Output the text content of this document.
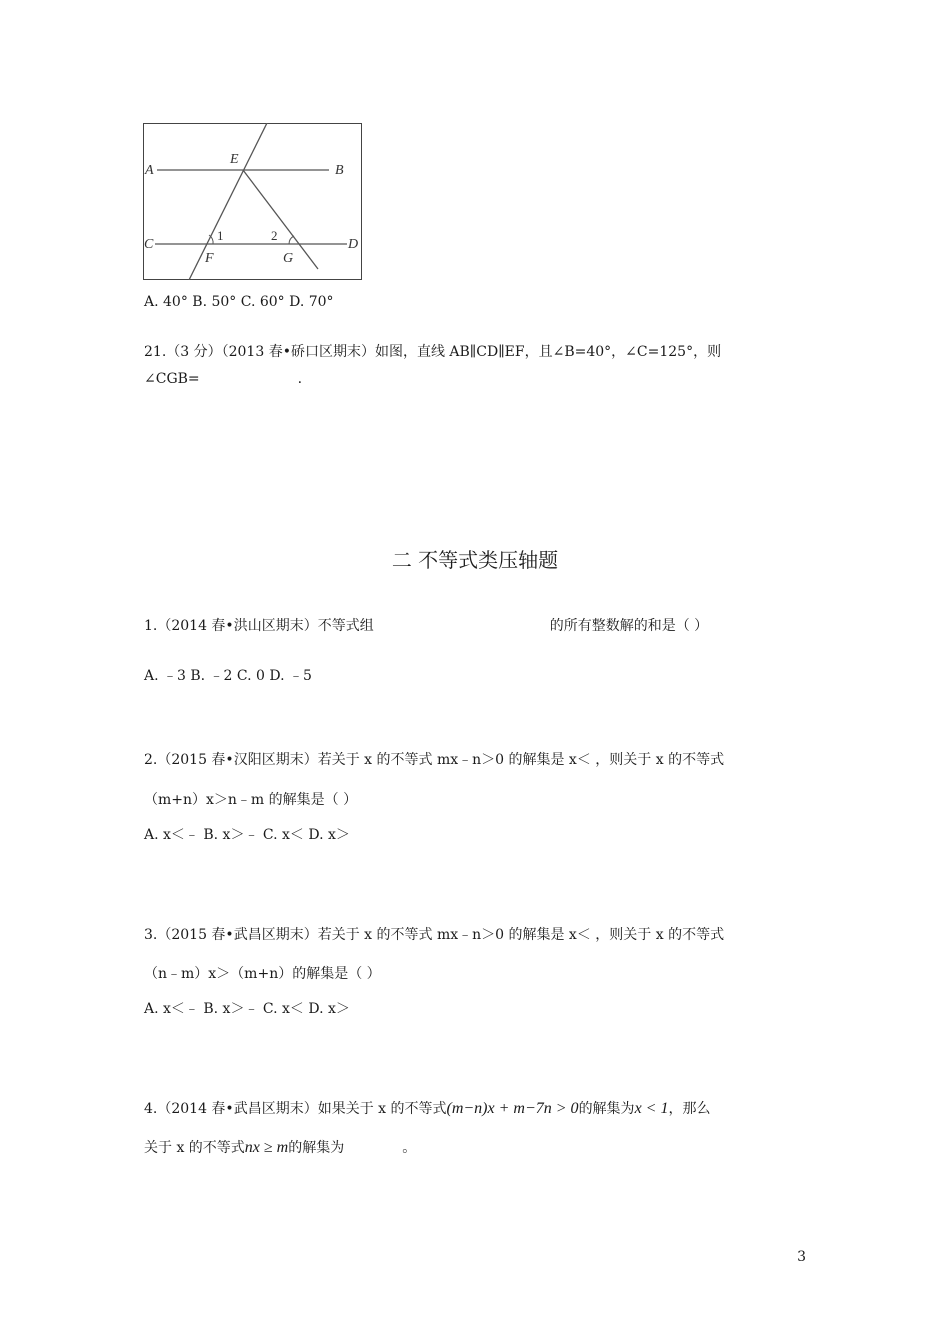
A	B
E
C	D
1	2
F	G
A. 40° B. 50° C. 60° D. 70°
21.（3 分）（2013 春•硚口区期末）如图，直线 AB∥CD∥EF，且∠B=40°，∠C=125°，则
∠CGB=	.
二 不等式类压轴题
1.（2014 春•洪山区期末）不等式组	的所有整数解的和是（ ）
A. ﹣3 B. ﹣2 C. 0 D. ﹣5
2.（2015 春•汉阳区期末）若关于 x 的不等式 mx﹣n＞0 的解集是 x＜ ，则关于 x 的不等式
（m+n）x＞n﹣m 的解集是（ ）
A. x＜﹣ B. x＞﹣ C. x＜ D. x＞
3.（2015 春•武昌区期末）若关于 x 的不等式 mx﹣n＞0 的解集是 x＜ ，则关于 x 的不等式
（n﹣m）x＞（m+n）的解集是（ ）
A. x＜﹣ B. x＞﹣ C. x＜ D. x＞
4.（2014 春•武昌区期末）如果关于 x 的不等式(m−n)x + m−7n > 0的解集为x < 1，那么
关于 x 的不等式nx ≥ m的解集为	。
3
